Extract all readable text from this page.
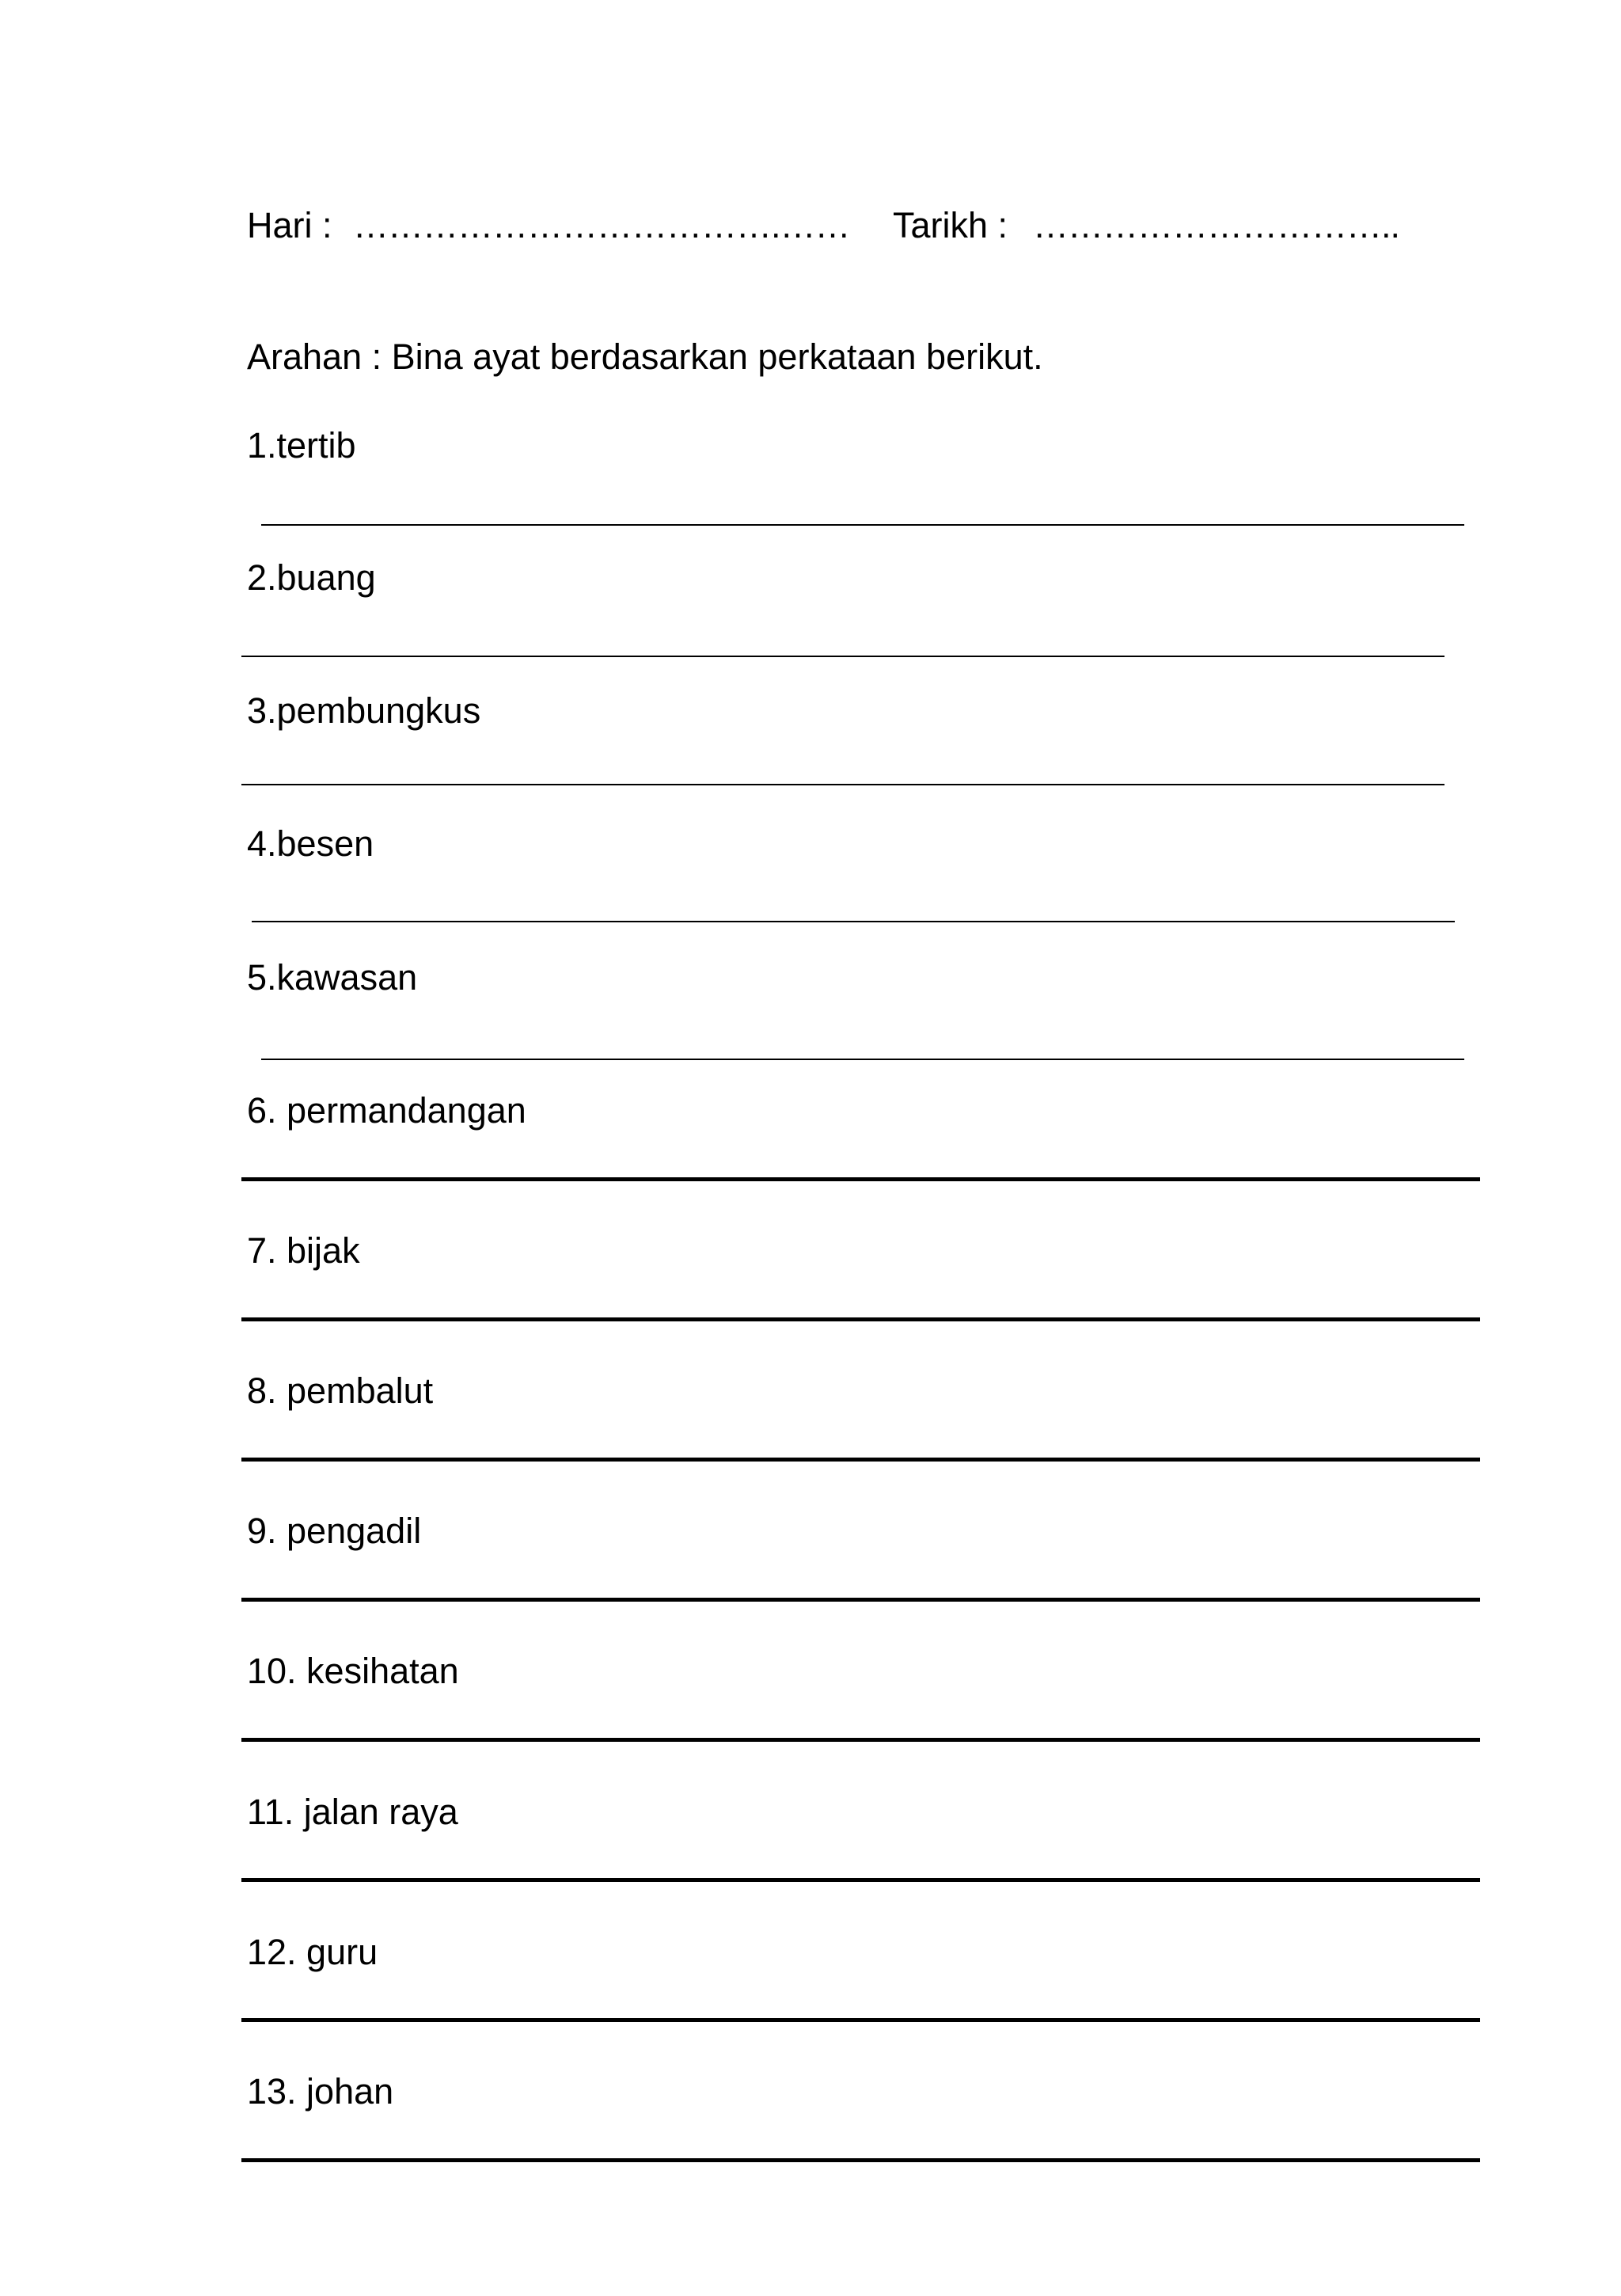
Hari : ……………………………….…… Tarikh : …………………………..

Arahan : Bina ayat berdasarkan perkataan berikut.

1.tertib
2.buang
3.pembungkus
4.besen
5.kawasan
6. permandangan
7. bijak
8. pembalut
9. pengadil
10. kesihatan
11. jalan raya
12. guru
13. johan
